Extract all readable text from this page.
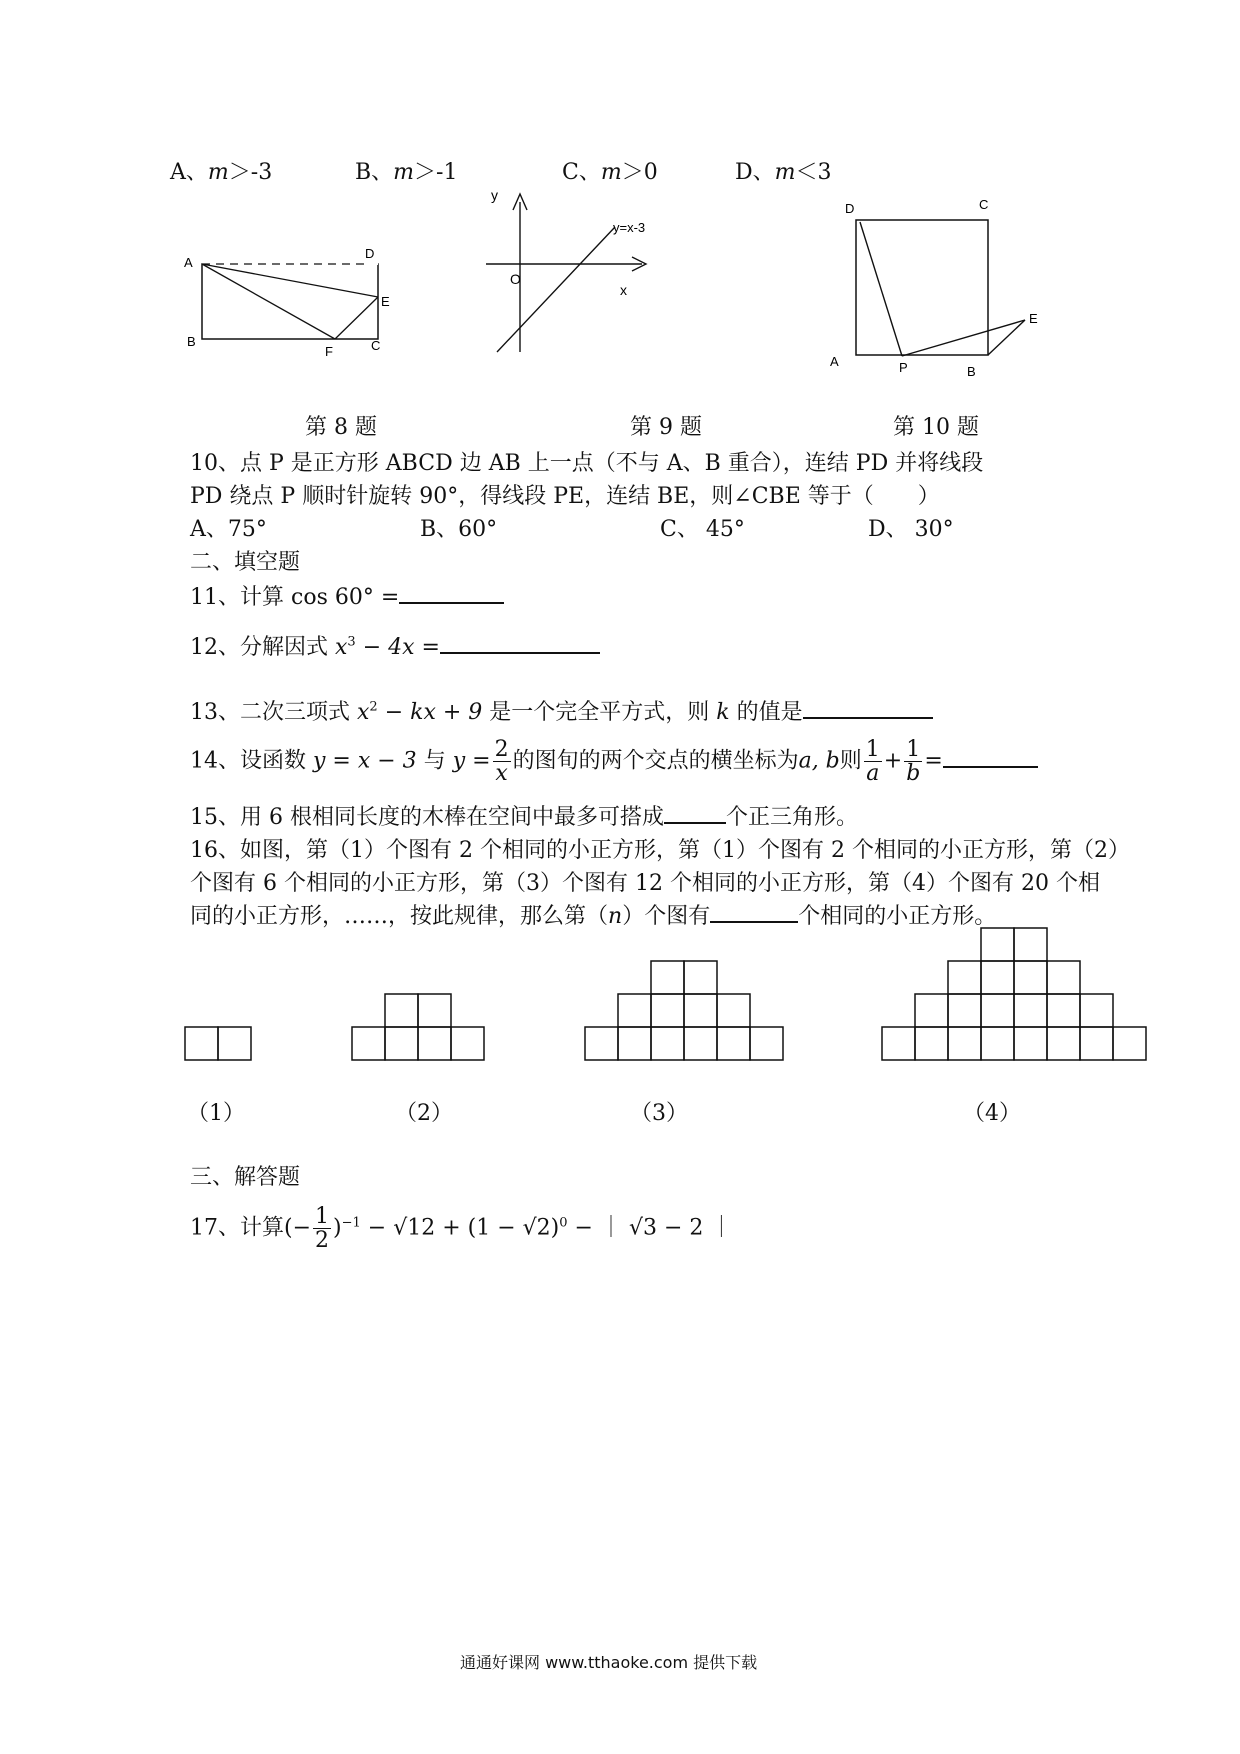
A、m＞-3	B、m＞-1	C、m＞0	D、m＜3
A
D
E
B
F	C
y
x
O
y=x-3
D	C
E
A	P	B
第 8 题	第 9 题	第 10 题
10、点 P 是正方形 ABCD 边 AB 上一点（不与 A、B 重合），连结 PD 并将线段
PD 绕点 P 顺时针旋转 90°，得线段 PE，连结 BE，则∠CBE 等于（　　）
A、75°	B、60°	C、 45°	D、 30°
二、填空题
11、计算 cos 60° =
12、分解因式 $x^3 - 4x$ =
13、二次三项式 $x^2$ − kx + 9 是一个完全平方式，则 k 的值是
14、设函数 y = x − 3 与 $y = \frac{2}{x}$ 的图旬的两个交点的横坐标为a, b则 $\frac{1}{a} + \frac{1}{b}$ =
15、用 6 根相同长度的木棒在空间中最多可搭成	个正三角形。
16、如图，第（1）个图有 2 个相同的小正方形，第（1）个图有 2 个相同的小正方形，第（2）
个图有 6 个相同的小正方形，第（3）个图有 12 个相同的小正方形，第（4）个图有 20 个相
同的小正方形，……，按此规律，那么第（n）个图有	个相同的小正方形。
（1）	（2）	（3）	（4）
三、解答题
17、计算(− $\frac{1}{2} )^{-1} - √12 + (1 - √2)^0$ − ｜ √3 − 2 ｜
通通好课网 www.tthaoke.com 提供下载
